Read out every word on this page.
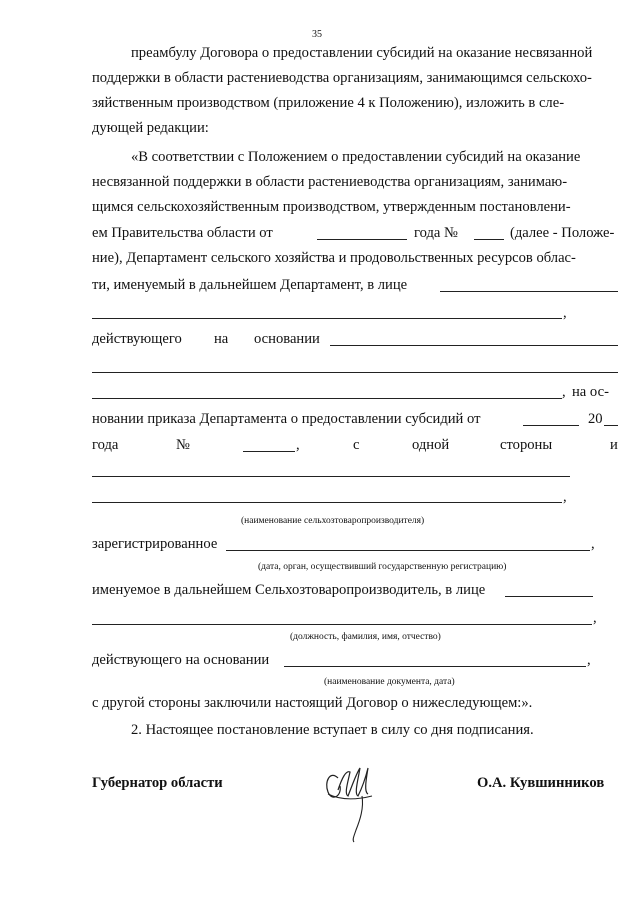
35
преамбулу Договора о предоставлении субсидий на оказание несвязанной
поддержки в области растениеводства организациям, занимающимся сельскохо-
зяйственным производством (приложение 4 к Положению), изложить в сле-
дующей редакции:
«В соответствии с Положением о предоставлении субсидий на оказание
несвязанной поддержки в области растениеводства организациям, занимаю-
щимся сельскохозяйственным производством, утвержденным постановлени-
ем Правительства области от	года №	(далее - Положе-
ние), Департамент сельского хозяйства и продовольственных ресурсов облас-
ти, именуемый в дальнейшем Департамент, в лице
,
действующего на основании
, на ос-
новании приказа Департамента о предоставлении субсидий от	20
года	№	,	с	одной	стороны	и
,
(наименование сельхозтоваропроизводителя)
зарегистрированное	,
(дата, орган, осуществивший государственную регистрацию)
именуемое в дальнейшем Сельхозтоваропроизводитель, в лице
,
(должность, фамилия, имя, отчество)
действующего на основании	,
(наименование документа, дата)
с другой стороны заключили настоящий Договор о нижеследующем:».
2. Настоящее постановление вступает в силу со дня подписания.
Губернатор области	О.А. Кувшинников
